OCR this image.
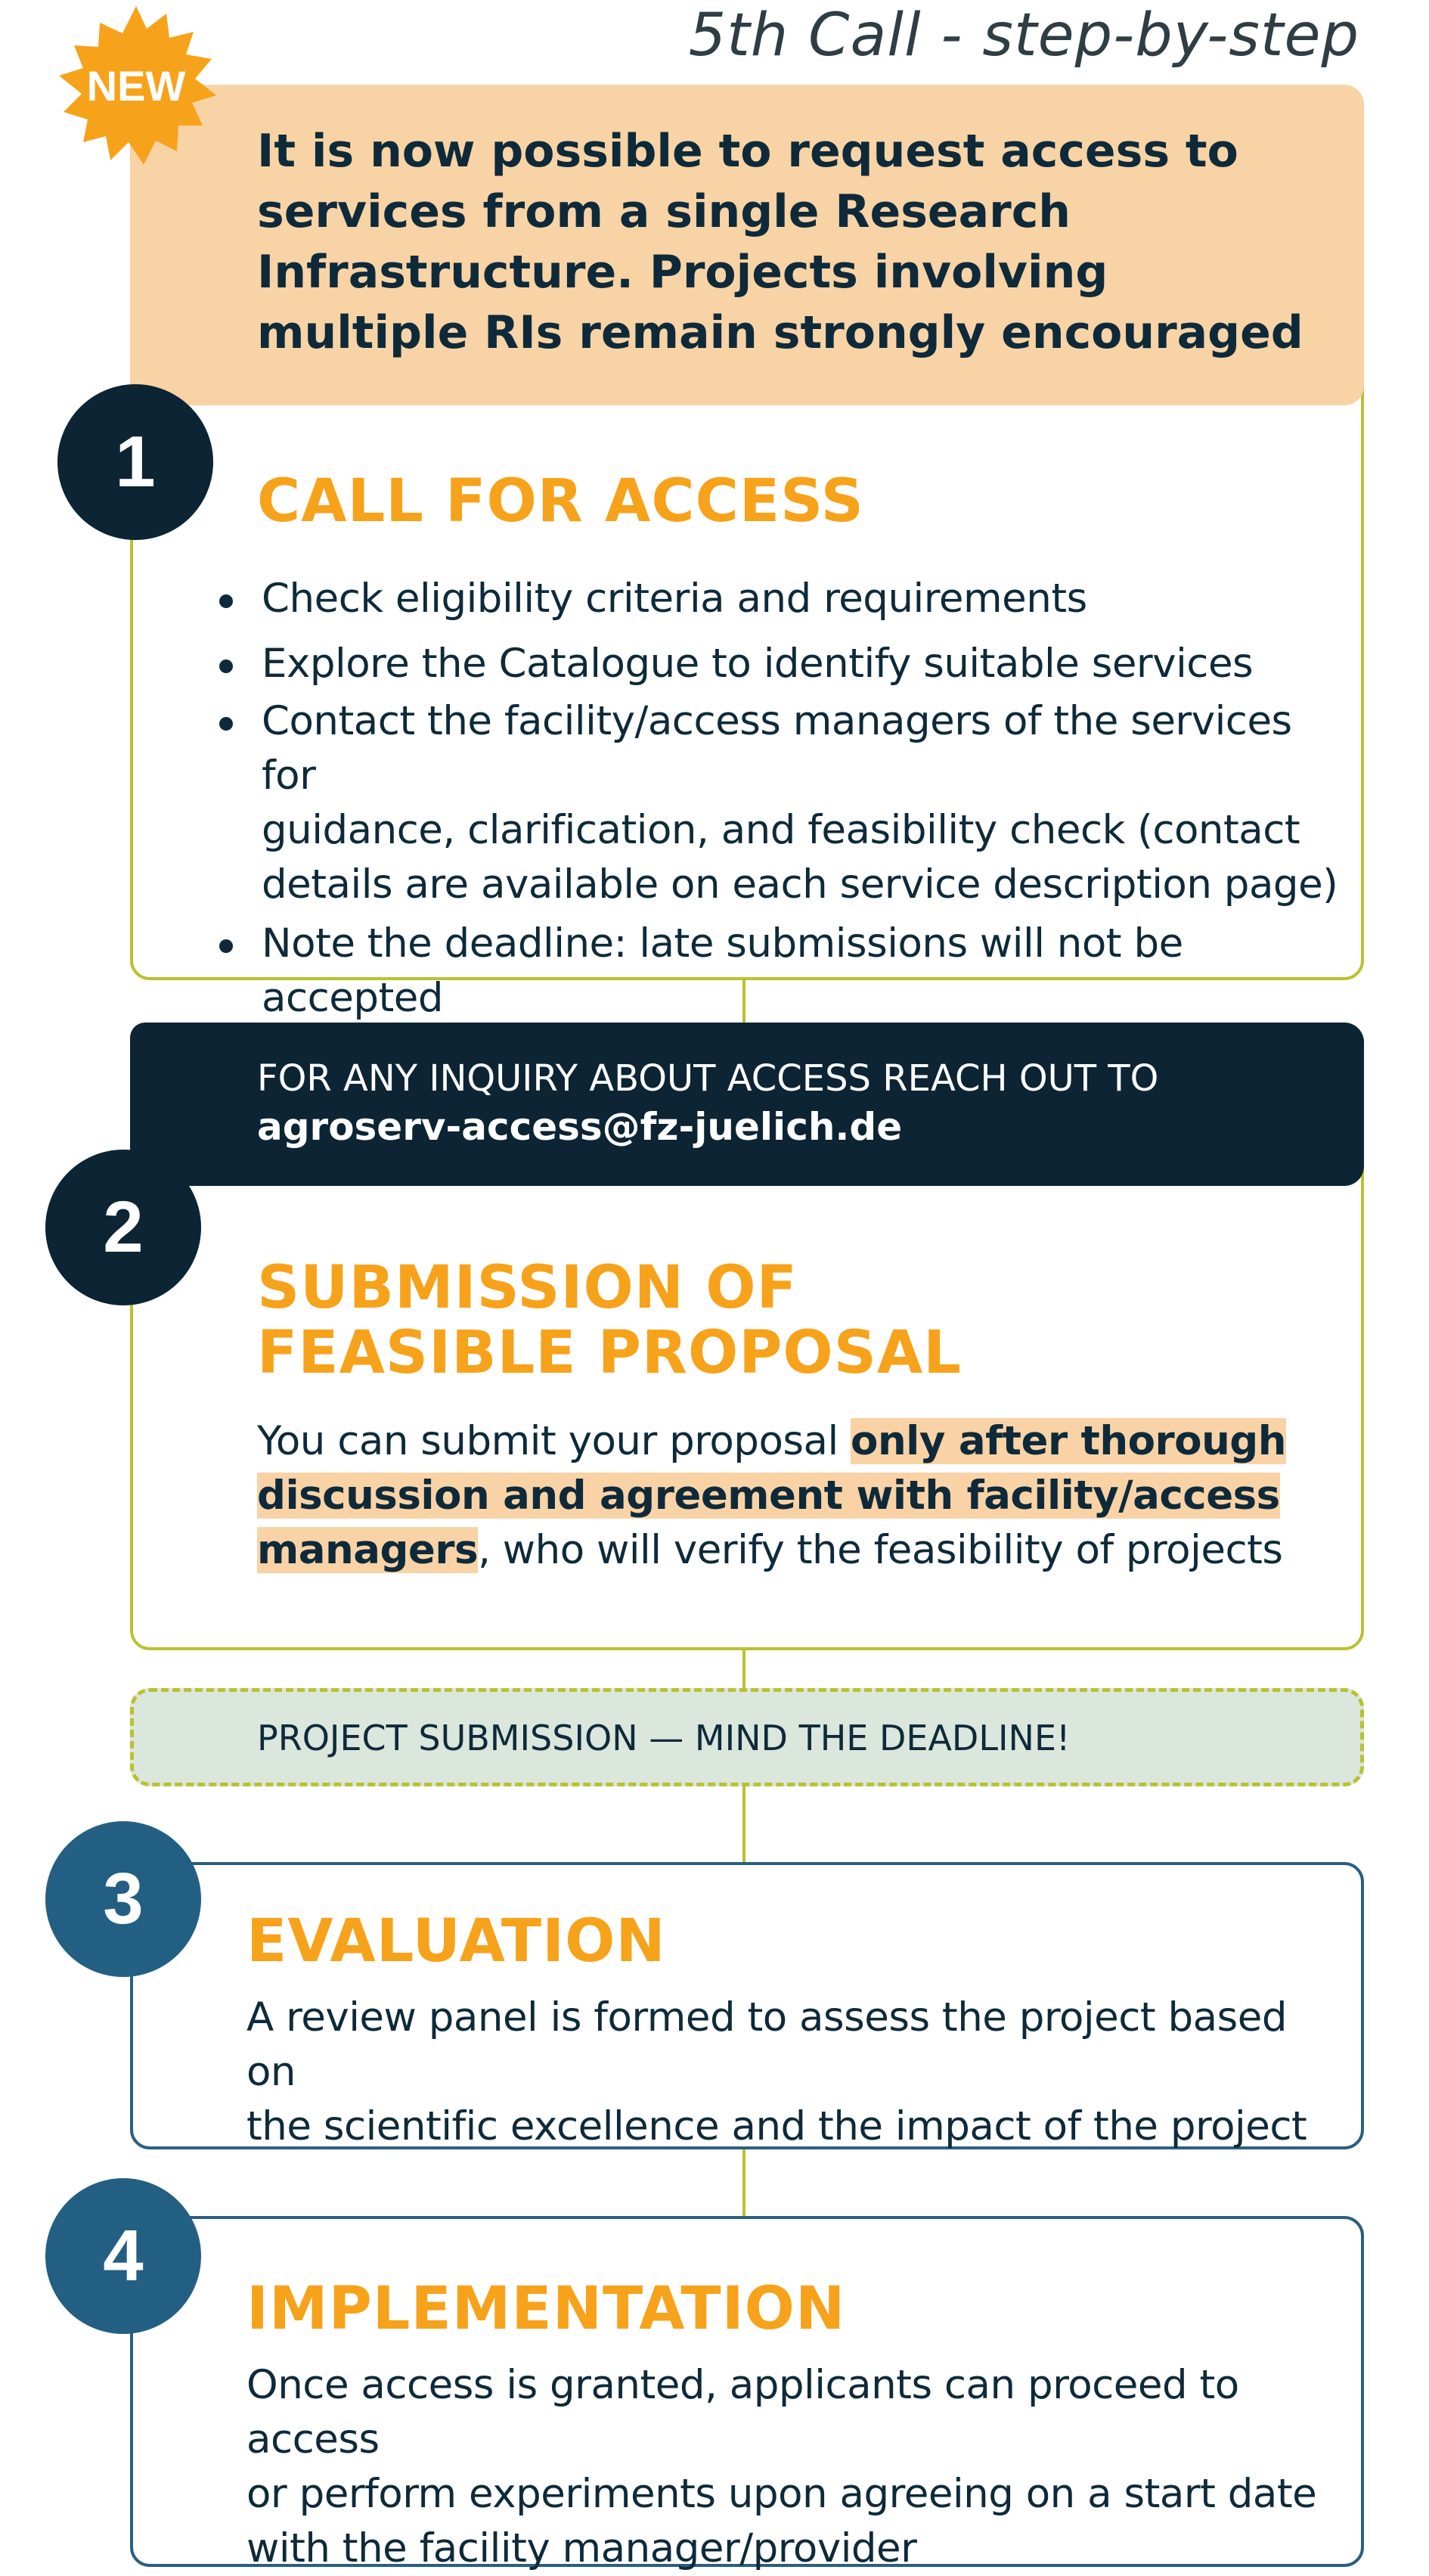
5th Call - step-by-step
It is now possible to request access to
services from a single Research
Infrastructure. Projects involving
multiple RIs remain strongly encouraged
NEW
1	CALL FOR ACCESS
Check eligibility criteria and requirements
Explore the Catalogue to identify suitable services
Contact the facility/access managers of the services for
guidance, clarification, and feasibility check (contact
details are available on each service description page)
Note the deadline: late submissions will not be accepted
FOR ANY INQUIRY ABOUT ACCESS REACH OUT TO
agroserv-access@fz-juelich.de
2
SUBMISSION OF
FEASIBLE PROPOSAL
You can submit your proposal only after thorough
discussion and agreement with facility/access
managers, who will verify the feasibility of projects
PROJECT SUBMISSION — MIND THE DEADLINE!
3
EVALUATION
A review panel is formed to assess the project based on
the scientific excellence and the impact of the project
4
IMPLEMENTATION
Once access is granted, applicants can proceed to access
or perform experiments upon agreeing on a start date
with the facility manager/provider
